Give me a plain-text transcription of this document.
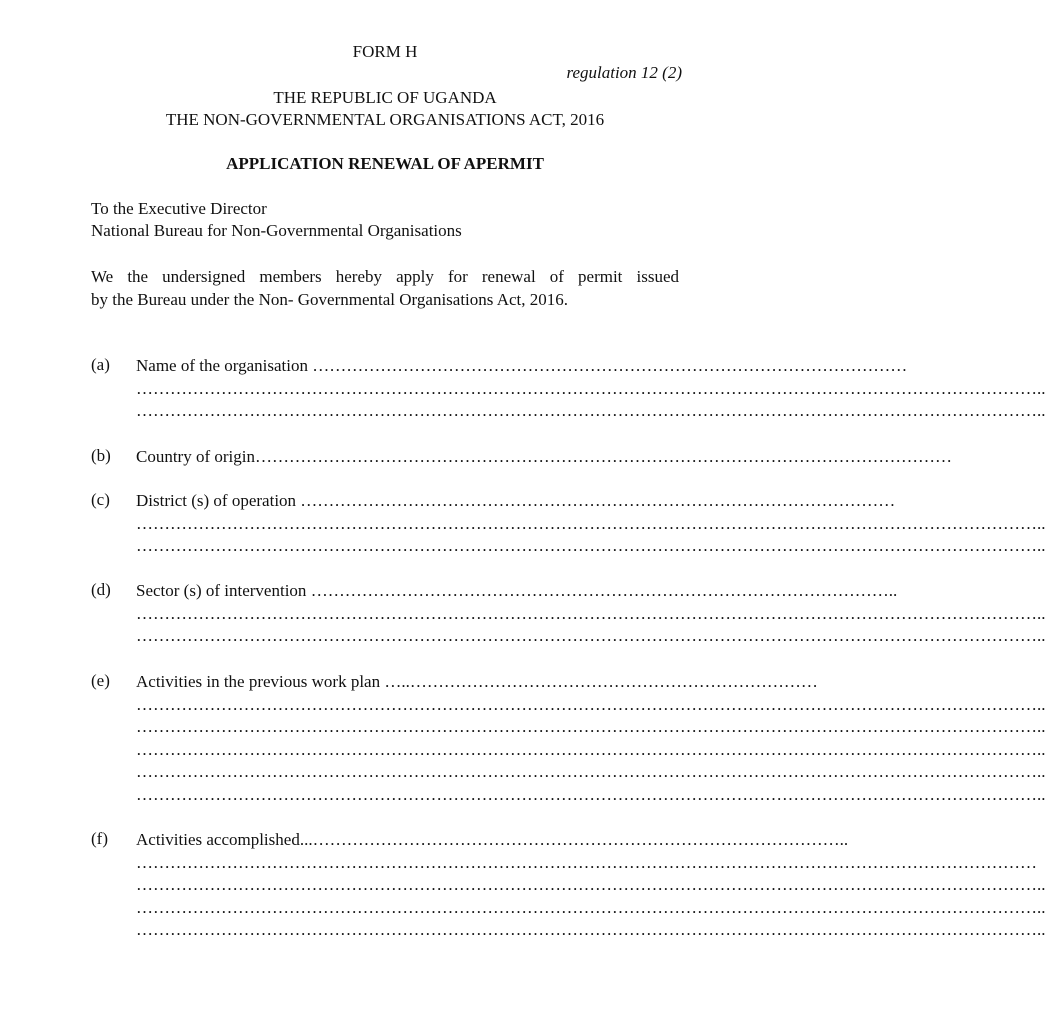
FORM H
regulation 12 (2)
THE REPUBLIC OF UGANDA
THE NON-GOVERNMENTAL ORGANISATIONS ACT, 2016
APPLICATION RENEWAL OF APERMIT
To the Executive Director
National Bureau for Non-Governmental Organisations
We the undersigned members hereby apply for renewal of permit issued
by the Bureau under the Non- Governmental Organisations Act, 2016.
(a) Name of the organisation ……………………………………………………………………………………………
……………………………………………………………………………………………………………………………………………..
……………………………………………………………………………………………………………………………………………..
(b) Country of origin……………………………………………………………………………………………………………
(c) District (s) of operation ……………………………………………………………………………………………
……………………………………………………………………………………………………………………………………………..
……………………………………………………………………………………………………………………………………………..
(d) Sector (s) of intervention …………………………………………………………………………………………..
……………………………………………………………………………………………………………………………………………..
……………………………………………………………………………………………………………………………………………..
(e) Activities in the previous work plan …..………………………………………………………………
……………………………………………………………………………………………………………………………………………..
……………………………………………………………………………………………………………………………………………..
……………………………………………………………………………………………………………………………………………..
……………………………………………………………………………………………………………………………………………..
……………………………………………………………………………………………………………………………………………..
(f) Activities accomplished...…………………………………………………………………………………..
……………………………………………………………………………………………………………………………………………
……………………………………………………………………………………………………………………………………………..
……………………………………………………………………………………………………………………………………………..
……………………………………………………………………………………………………………………………………………..
